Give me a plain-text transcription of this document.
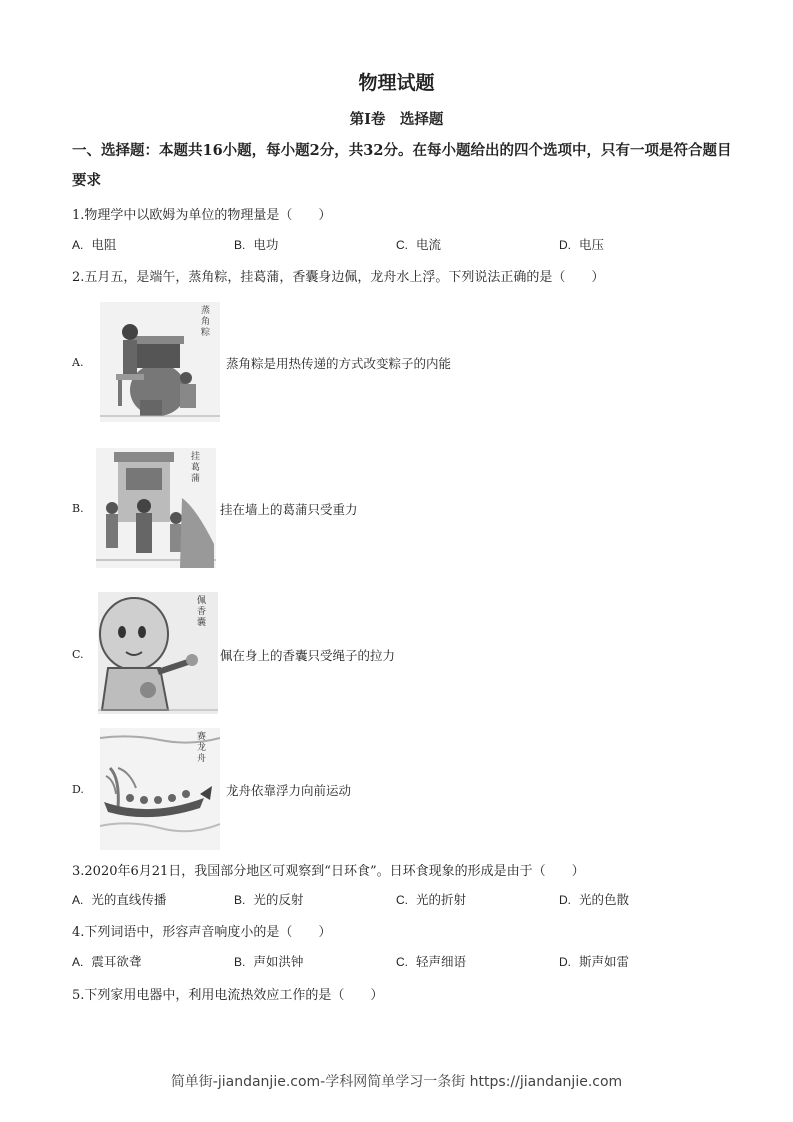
物理试题
第I卷　选择题
一、选择题：本题共16小题，每小题2分，共32分。在每小题给出的四个选项中，只有一项是符合题目要求
1.物理学中以欧姆为单位的物理量是（　　）
A. 电阻	B. 电功	C. 电流	D. 电压
2.五月五，是端午，蒸角粽，挂葛蒲，香囊身边佩，龙舟水上浮。下列说法正确的是（　　）
A.
蒸
角
粽
蒸角粽是用热传递的方式改变粽子的内能
B.
挂
葛
蒲
挂在墙上的葛蒲只受重力
C.
佩
香
囊
佩在身上的香囊只受绳子的拉力
D.
赛
龙
舟
龙舟依靠浮力向前运动
3.2020年6月21日，我国部分地区可观察到“日环食”。日环食现象的形成是由于（　　）
A. 光的直线传播	B. 光的反射	C. 光的折射	D. 光的色散
4.下列词语中，形容声音响度小的是（　　）
A. 震耳欲聋	B. 声如洪钟	C. 轻声细语	D. 斯声如雷
5.下列家用电器中，利用电流热效应工作的是（　　）
简单街-jiandanjie.com-学科网简单学习一条街 https://jiandanjie.com
